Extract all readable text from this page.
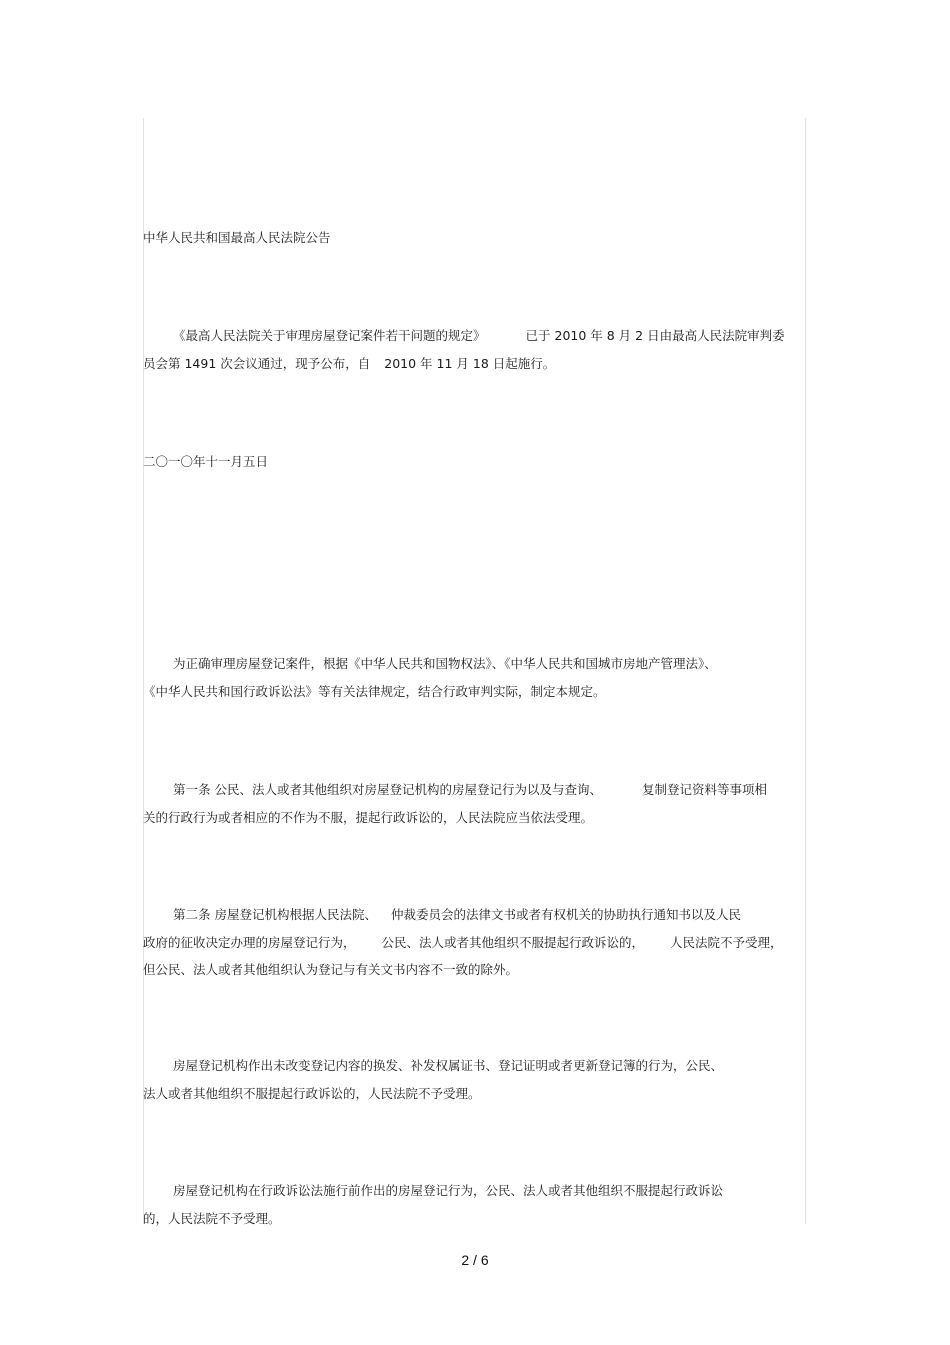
中华人民共和国最高人民法院公告
《最高人民法院关于审理房屋登记案件若干问题的规定》	已于 2010 年 8 月 2 日由最高人民法院审判委
员会第 1491 次会议通过，现予公布，自 2010 年 11 月 18 日起施行。
二〇一〇年十一月五日
为正确审理房屋登记案件，根据《中华人民共和国物权法》、《中华人民共和国城市房地产管理法》、
《中华人民共和国行政诉讼法》等有关法律规定，结合行政审判实际，制定本规定。
第一条 公民、法人或者其他组织对房屋登记机构的房屋登记行为以及与查询、	复制登记资料等事项相
关的行政行为或者相应的不作为不服，提起行政诉讼的，人民法院应当依法受理。
第二条 房屋登记机构根据人民法院、 仲裁委员会的法律文书或者有权机关的协助执行通知书以及人民
政府的征收决定办理的房屋登记行为， 公民、法人或者其他组织不服提起行政诉讼的， 人民法院不予受理，
但公民、法人或者其他组织认为登记与有关文书内容不一致的除外。
房屋登记机构作出未改变登记内容的换发、补发权属证书、登记证明或者更新登记簿的行为，公民、
法人或者其他组织不服提起行政诉讼的，人民法院不予受理。
房屋登记机构在行政诉讼法施行前作出的房屋登记行为，公民、法人或者其他组织不服提起行政诉讼
的，人民法院不予受理。
2 / 6
